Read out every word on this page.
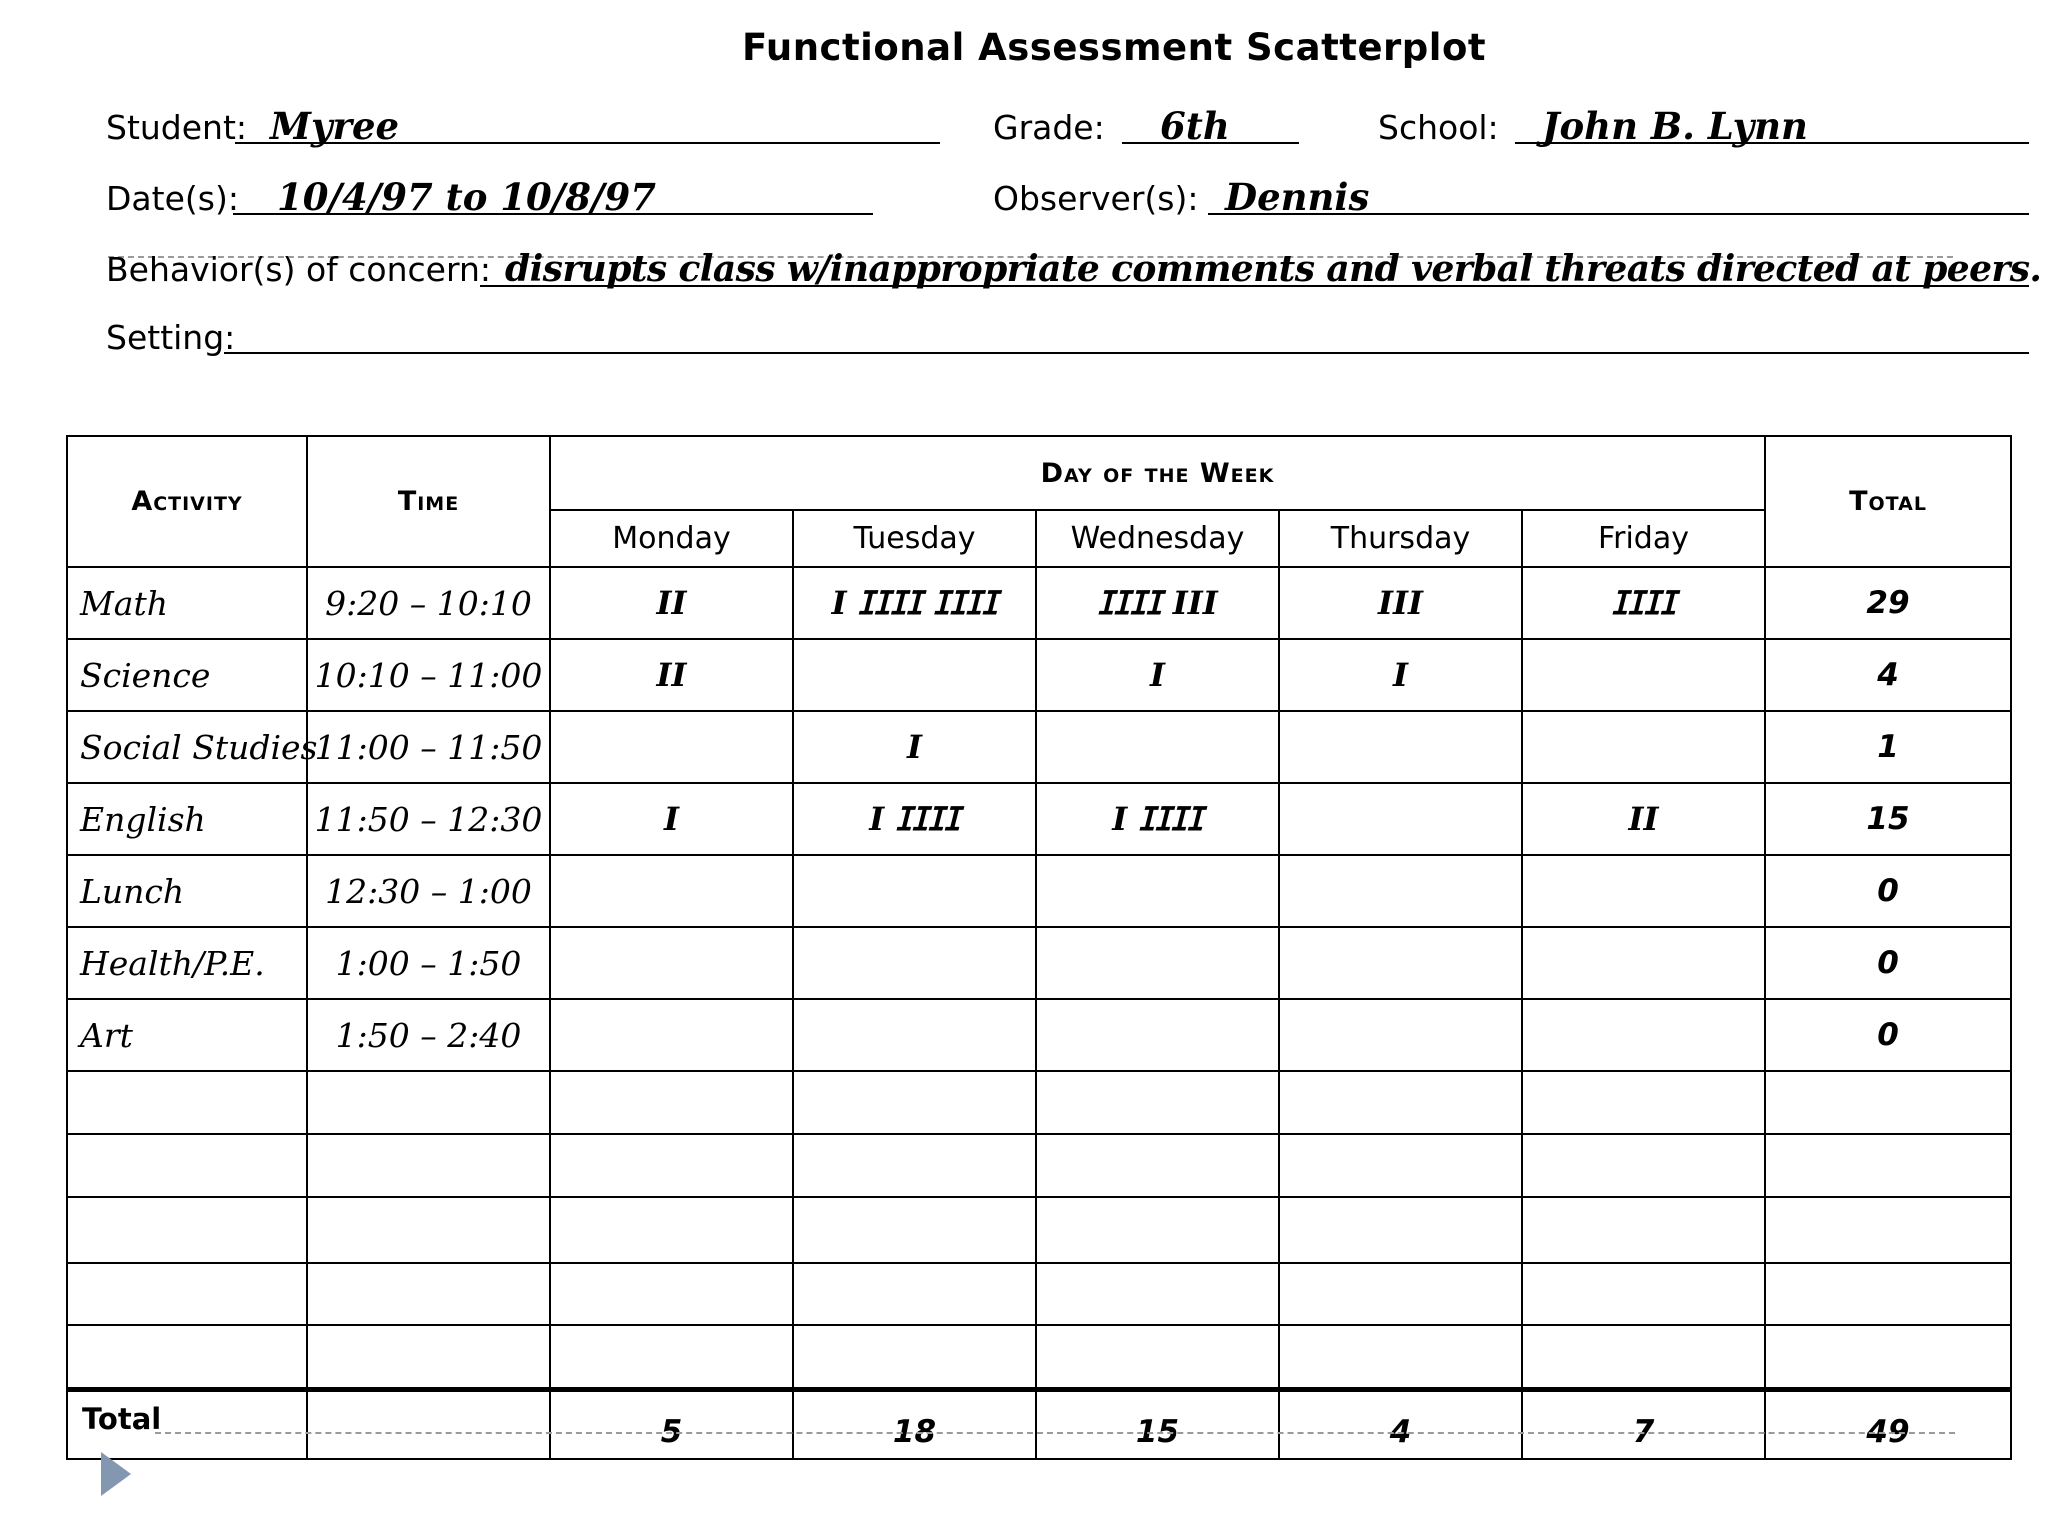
Functional Assessment Scatterplot
Student: Myree	Grade: 6th	School: John B. Lynn
Date(s): 10/4/97 to 10/8/97	Observer(s): Dennis
Behavior(s) of concern: disrupts class w/inappropriate comments and verbal threats directed at peers.
Setting:
Activity	Time	Day of the Week					Total
		Monday	Tuesday	Wednesday	Thursday	Friday	
Math	9:20 – 10:10	II	I ⵊⵊⵊⵊ ⵊⵊⵊⵊ	ⵊⵊⵊⵊ III	III	ⵊⵊⵊⵊ	29
Science	10:10 – 11:00	II		I	I		4
Social Studies	11:00 – 11:50		I				1
English	11:50 – 12:30	I	I ⵊⵊⵊⵊ	I ⵊⵊⵊⵊ		II	15
Lunch	12:30 – 1:00						0
Health/P.E.	1:00 – 1:50						0
Art	1:50 – 2:40						0

Total		5	18	15	4	7	49
